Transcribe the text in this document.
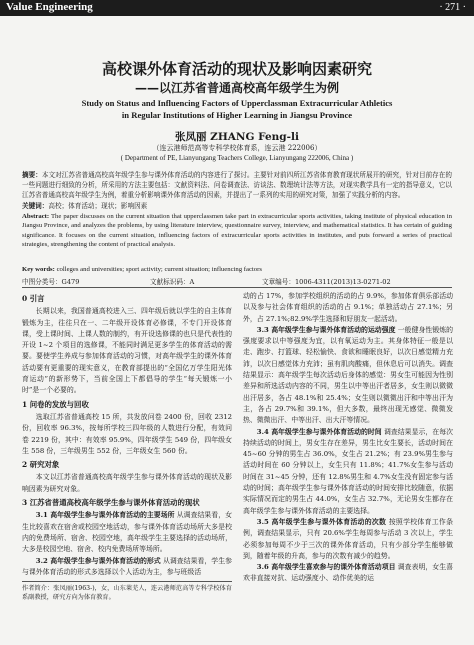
Value Engineering	· 271 ·
高校课外体育活动的现状及影响因素研究
——以江苏省普通高校高年级学生为例
Study on Status and Influencing Factors of Upperclassman Extracurricular Athletics
in Regular Institutions of Higher Learning in Jiangsu Province
张凤丽 ZHANG Feng-li
（连云港师范高等专科学校体育系，连云港 222006）
( Department of PE, Lianyungang Teachers College, Lianyungang 222006, China )
摘要：本文对江苏省普通高校高年级学生参与课外体育活动的内容进行了探讨。主要针对前四所江苏省体育教育现状所展开的研究，针对目前存在的一些问题进行细致的分析，所采用的方法主要包括：文献资料法、问卷调查法、访谈法、数理统计法等方法，对现实教学具有一定的指导意义，它以江苏省普通高校高年级学生为例，着重分析影响课外体育活动的因素，并提出了一系列的实用的研究对策，加强了实践分析的内容。
关键词：高校；体育活动；现状；影响因素
Abstract: The paper discusses on the current situation that upperclassmen take part in extracurricular sports activities, taking institute of physical education in Jiangsu Province, and analyzes the problems, by using literature interview, questionnaire survey, interview, and mathematical statistics. It has certain of guiding significance. It focuses on the current situation, influencing factors of extracurricular sports activities in institutes, and puts forward a series of practical strategies, strengthening the content of practical analysis.
Key words: colleges and universities; sport activity; current situation; influencing factors
中图分类号：G479	文献标识码：A	文章编号：1006-4311(2013)13-0271-02

0 引言

长期以来，我国普通高校进入三、四年级后就以学生的自主体育锻炼为主，往往只在一、二年级开设体育必修课，不专门开设体育课，受上课时间、上课人数的制约，有开设选修课的也只是代表性的开设 1~2 个项目的选修课，不能同时满足更多学生的体育活动的需要。要使学生养成与参加体育活动的习惯，对高年级学生的课外体育活动要有更重要的现实意义，在教育部提出的“全国亿万学生阳光体育运动”的新形势下，当前全国上下都倡导的学生“每天锻炼一小时”是一个必要的。

1 问卷的发放与回收

选取江苏省普通高校 15 所，共发放问卷 2400 份，回收 2312 份，回收率 96.3%，按每所学校三四年级的人数进行分配，有效问卷 2219 份，其中：有效率 95.9%，四年级学生 549 份，四年级女生 558 份，三年级男生 552 份，三年级女生 560 份。

2 研究对象

本文以江苏省普通高校高年级学生参与课外体育活动的现状及影响因素为研究对象。

3 江苏省普通高校高年级学生参与课外体育活动的现状

3.1 高年级学生参与课外体育活动的主要场所 从调查结果看，女生比较喜欢在宿舍或校园空地活动，参与课外体育活动场所大多是校内的免费场所、宿舍、校园空地，高年级学生主要选择的活动场所，大多是校园空地、宿舍、校内免费场所等场所。

3.2 高年级学生参与课外体育活动的形式 从调查结果看，学生参与课外体育活动的形式多选择以个人活动为主，参与班级活

作者简介：张凤丽(1963-)，女，山东莱芜人，连云港师范高等专科学校体育系副教授，研究方向为体育教育。

动的占 17%，参加学校组织的活动的占 9.9%，参加体育俱乐部活动以及参与社会体育组织的活动的占 9.1%；单独活动占 27.1%；另外，占 27.1%;82.9%学生选择和好朋友一起活动。

3.3 高年级学生参与课外体育活动的运动强度 一般健身性锻炼的强度要求以中等强度为宜，以有氧运动为主。其身体特征一般是以走、跑步、打篮球、轻松愉快、食欲和睡眠良好，以次日感觉精力充沛，以次日感觉体力充沛；虽有肌肉酸痛，但休息后可以消失。调查结果显示：高年级学生每次活动后身体的感觉：男女生可能因为性别差异和所选活动内容的不同，男生以中等出汗者居多，女生则以微微出汗居多，各占 48.1%和 25.4%；女生则以微微出汗和中等出汗为主，各占 29.7%和 39.1%，但大多数，最终出现无感觉、微微发热、微微出汗、中等出汗、出大汗等情况。

3.4 高年级学生参与课外体育活动的时间 调查结果显示，在每次持续活动的时间上，男女生存在差异，男生比女生要长，活动时间在 45~60 分钟的男生占 36.0%，女生占 21.2%；有 23.9%男生参与活动时间在 60 分钟以上，女生只有 11.8%；41.7%女生参与活动时间在 31~45 分钟，还有 12.8%男生和 4.7%女生没有固定参与活动的时间；高年级学生参与课外体育活动的时间安排比较随意，依据实际情况而定的男生占 44.0%，女生占 32.7%，无论男女生都存在高年级学生参与课外体育活动的主要选择。

3.5 高年级学生参与课外体育活动的次数 按照学校体育工作条例，调查结果显示，只有 20.6%学生每周参与活动 3 次以上，学生必须参加每周不少于三次的课外体育活动，只有少部分学生能够做到，随着年级的升高，参与的次数有减少的趋势。

3.6 高年级学生喜欢参与的课外体育活动项目 调查表明，女生喜欢非直接对抗、运动强度小、动作优美的运
